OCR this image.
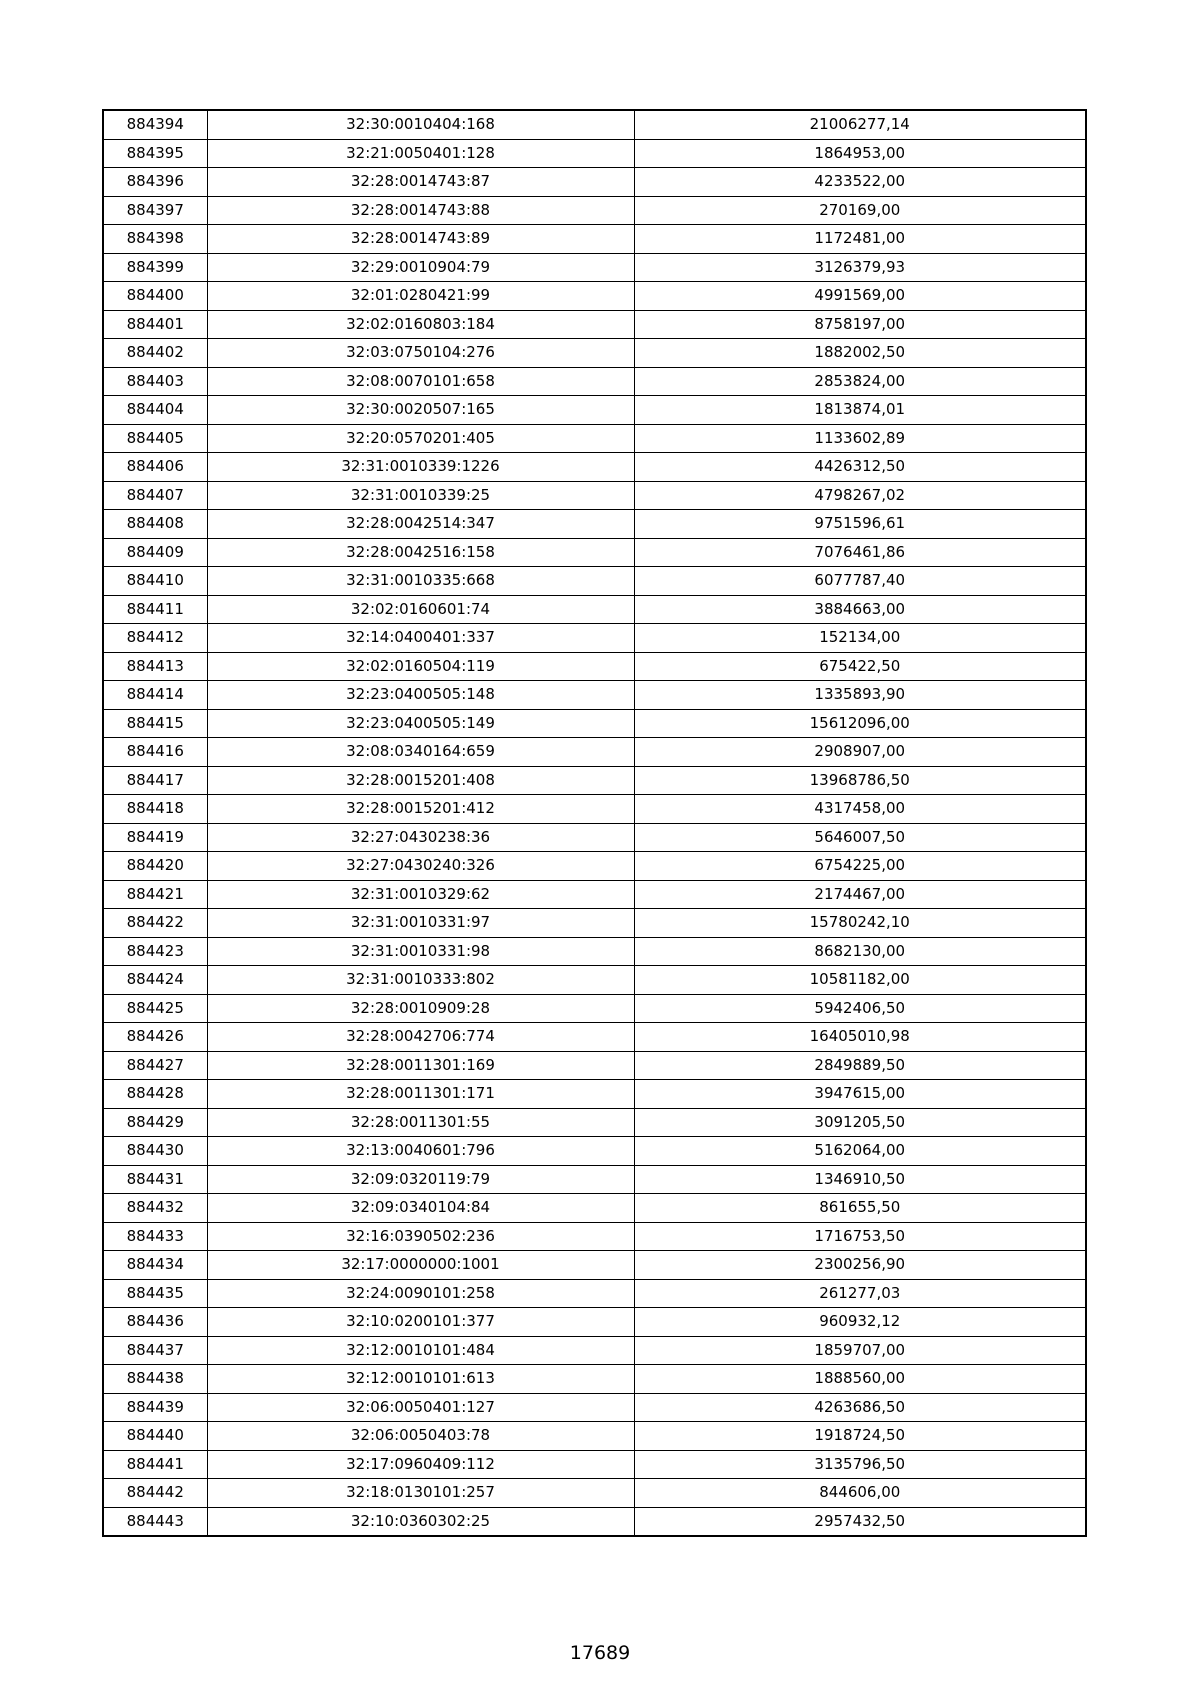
884394	32:30:0010404:168	21006277,14
884395	32:21:0050401:128	1864953,00
884396	32:28:0014743:87	4233522,00
884397	32:28:0014743:88	270169,00
884398	32:28:0014743:89	1172481,00
884399	32:29:0010904:79	3126379,93
884400	32:01:0280421:99	4991569,00
884401	32:02:0160803:184	8758197,00
884402	32:03:0750104:276	1882002,50
884403	32:08:0070101:658	2853824,00
884404	32:30:0020507:165	1813874,01
884405	32:20:0570201:405	1133602,89
884406	32:31:0010339:1226	4426312,50
884407	32:31:0010339:25	4798267,02
884408	32:28:0042514:347	9751596,61
884409	32:28:0042516:158	7076461,86
884410	32:31:0010335:668	6077787,40
884411	32:02:0160601:74	3884663,00
884412	32:14:0400401:337	152134,00
884413	32:02:0160504:119	675422,50
884414	32:23:0400505:148	1335893,90
884415	32:23:0400505:149	15612096,00
884416	32:08:0340164:659	2908907,00
884417	32:28:0015201:408	13968786,50
884418	32:28:0015201:412	4317458,00
884419	32:27:0430238:36	5646007,50
884420	32:27:0430240:326	6754225,00
884421	32:31:0010329:62	2174467,00
884422	32:31:0010331:97	15780242,10
884423	32:31:0010331:98	8682130,00
884424	32:31:0010333:802	10581182,00
884425	32:28:0010909:28	5942406,50
884426	32:28:0042706:774	16405010,98
884427	32:28:0011301:169	2849889,50
884428	32:28:0011301:171	3947615,00
884429	32:28:0011301:55	3091205,50
884430	32:13:0040601:796	5162064,00
884431	32:09:0320119:79	1346910,50
884432	32:09:0340104:84	861655,50
884433	32:16:0390502:236	1716753,50
884434	32:17:0000000:1001	2300256,90
884435	32:24:0090101:258	261277,03
884436	32:10:0200101:377	960932,12
884437	32:12:0010101:484	1859707,00
884438	32:12:0010101:613	1888560,00
884439	32:06:0050401:127	4263686,50
884440	32:06:0050403:78	1918724,50
884441	32:17:0960409:112	3135796,50
884442	32:18:0130101:257	844606,00
884443	32:10:0360302:25	2957432,50
17689
